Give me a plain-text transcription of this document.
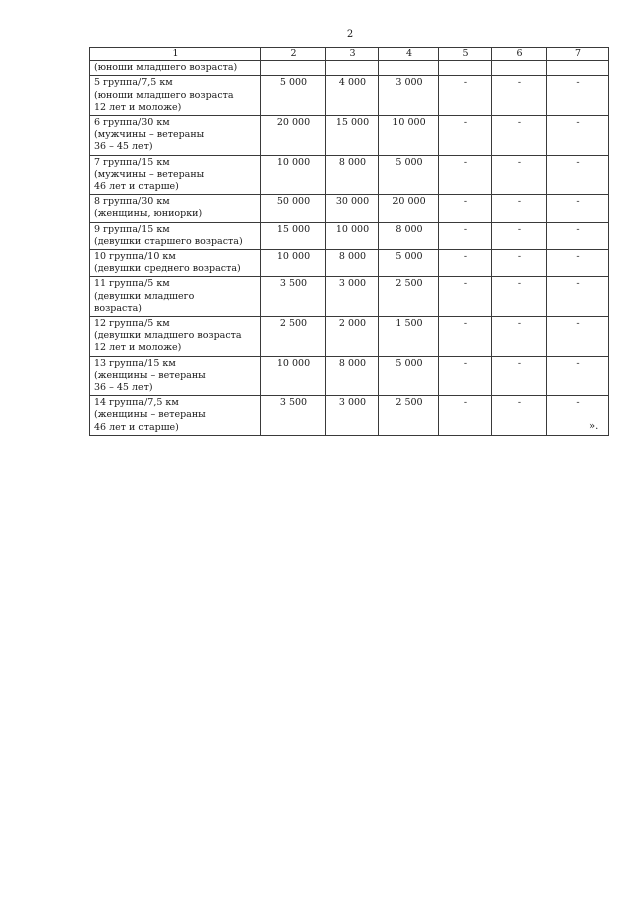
2
1	2	3	4	5	6	7
(юноши младшего возраста)						
5 группа/7,5 км
(юноши младшего возраста
12 лет и моложе)	5 000	4 000	3 000	-	-	-
6 группа/30 км
(мужчины – ветераны
36 – 45 лет)	20 000	15 000	10 000	-	-	-
7 группа/15 км
(мужчины – ветераны
46 лет и старше)	10 000	8 000	5 000	-	-	-
8 группа/30 км
(женщины, юниорки)	50 000	30 000	20 000	-	-	-
9 группа/15 км
(девушки старшего возраста)	15 000	10 000	8 000	-	-	-
10 группа/10 км
(девушки среднего возраста)	10 000	8 000	5 000	-	-	-
11 группа/5 км
(девушки младшего
возраста)	3 500	3 000	2 500	-	-	-
12 группа/5 км
(девушки младшего возраста
12 лет и моложе)	2 500	2 000	1 500	-	-	-
13 группа/15 км
(женщины – ветераны
36 – 45 лет)	10 000	8 000	5 000	-	-	-
14 группа/7,5 км
(женщины – ветераны
46 лет и старше)	3 500	3 000	2 500	-	-	-
».
